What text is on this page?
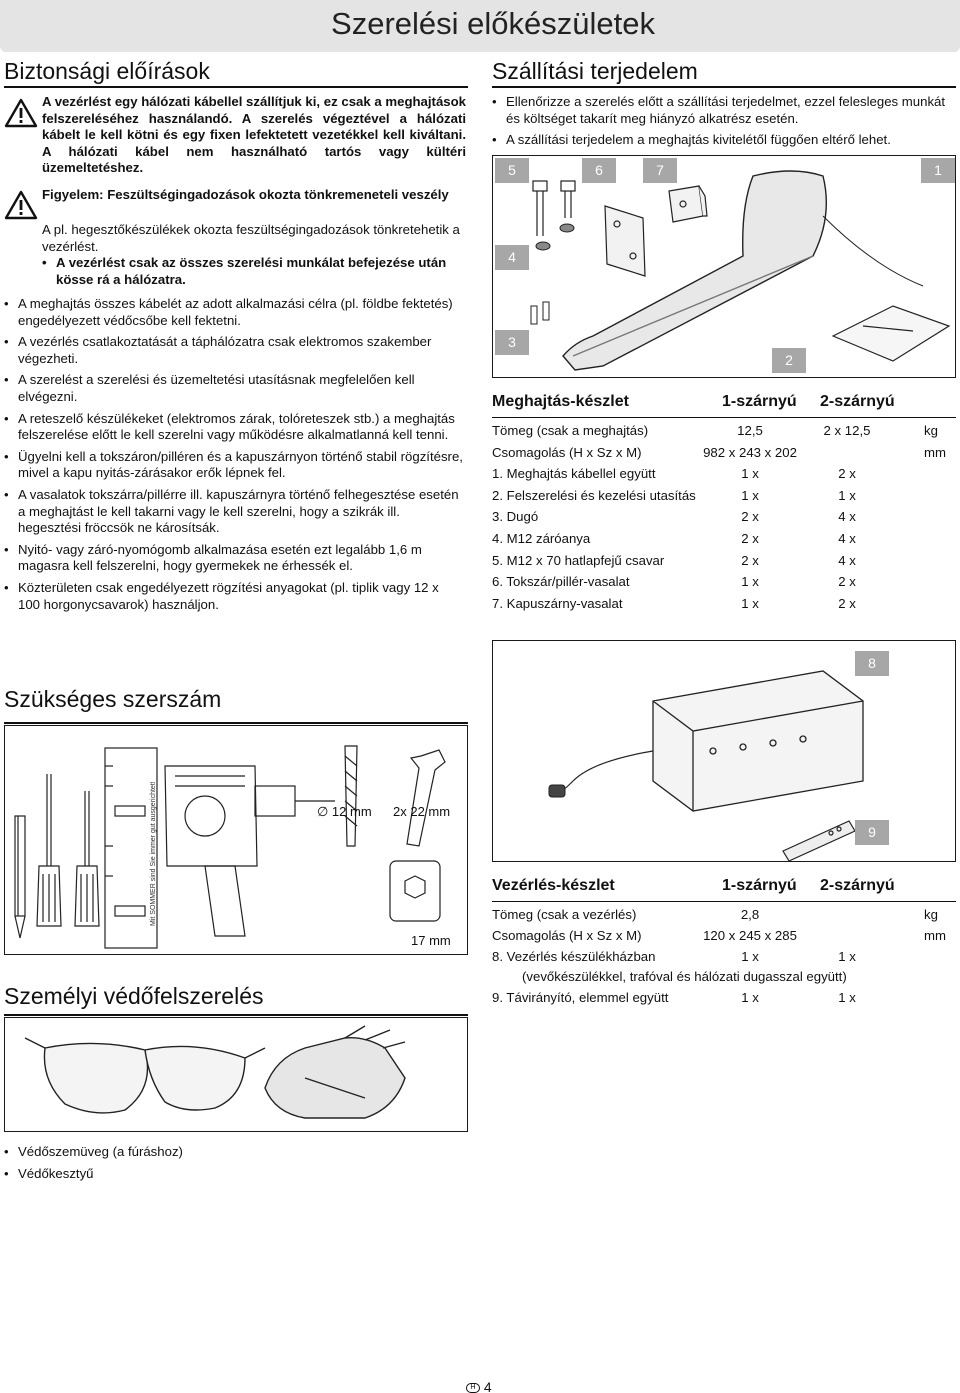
Szerelési előkészületek
Biztonsági előírások
A vezérlést egy hálózati kábellel szállítjuk ki, ez csak a meghajtások felszereléséhez használandó. A szerelés végeztével a hálózati kábelt le kell kötni és egy fixen lefektetett vezetékkel kell kiváltani. A hálózati kábel nem használható tartós vagy kültéri üzemeltetéshez.
Figyelem: Feszültségingadozások okozta tönkremeneteli veszély
A pl. hegesztőkészülékek okozta feszültségingadozások tönkretehetik a vezérlést.
• A vezérlést csak az összes szerelési munkálat befejezése után kösse rá a hálózatra.
• A meghajtás összes kábelét az adott alkalmazási célra (pl. földbe fektetés) engedélyezett védőcsőbe kell fektetni.
• A vezérlés csatlakoztatását a táphálózatra csak elektromos szakember végezheti.
• A szerelést a szerelési és üzemeltetési utasításnak megfelelően kell elvégezni.
• A reteszelő készülékeket (elektromos zárak, tolóreteszek stb.) a meghajtás felszerelése előtt le kell szerelni vagy működésre alkalmatlanná kell tenni.
• Ügyelni kell a tokszáron/pilléren és a kapuszárnyon történő stabil rögzítésre, mivel a kapu nyitás-zárásakor erők lépnek fel.
• A vasalatok tokszárra/pillérre ill. kapuszárnyra történő felhegesztése esetén a meghajtást le kell takarni vagy le kell szerelni, hogy a szikrák ill. hegesztési fröccsök ne károsítsák.
• Nyitó- vagy záró-nyomógomb alkalmazása esetén ezt legalább 1,6 m magasra kell felszerelni, hogy gyermekek ne érhessék el.
• Közterületen csak engedélyezett rögzítési anyagokat (pl. tiplik vagy 12 x 100 horgonycsavarok) használjon.
Szükséges szerszám
Mit SOMMER sind Sie immer gut ausgerichtet!	∅ 12 mm 2x 22 mm
17 mm
Személyi védőfelszerelés
• Védőszemüveg (a fúráshoz)
• Védőkesztyű
Szállítási terjedelem
• Ellenőrizze a szerelés előtt a szállítási terjedelmet, ezzel felesleges munkát és költséget takarít meg hiányzó alkatrész esetén.
• A szállítási terjedelem a meghajtás kivitelétől függően eltérő lehet.
5	6	7	1
4
3
2
Meghajtás-készlet	1-szárnyú 2-szárnyú
Tömeg (csak a meghajtás)	12,5	2 x 12,5	kg
Csomagolás (H x Sz x M)	982 x 243 x 202	mm
1. Meghajtás kábellel együtt	1 x	2 x
2. Felszerelési és kezelési utasítás	1 x	1 x
3. Dugó	2 x	4 x
4. M12 záróanya	2 x	4 x
5. M12 x 70 hatlapfejű csavar	2 x	4 x
6. Tokszár/pillér-vasalat	1 x	2 x
7. Kapuszárny-vasalat	1 x	2 x
8
9
Vezérlés-készlet	1-szárnyú 2-szárnyú
Tömeg (csak a vezérlés)	2,8	kg
Csomagolás (H x Sz x M)	120 x 245 x 285	mm
8. Vezérlés készülékházban	1 x	1 x
(vevőkészülékkel, trafóval és hálózati dugasszal együtt)
9. Távirányító, elemmel együtt	1 x	1 x
H 4
